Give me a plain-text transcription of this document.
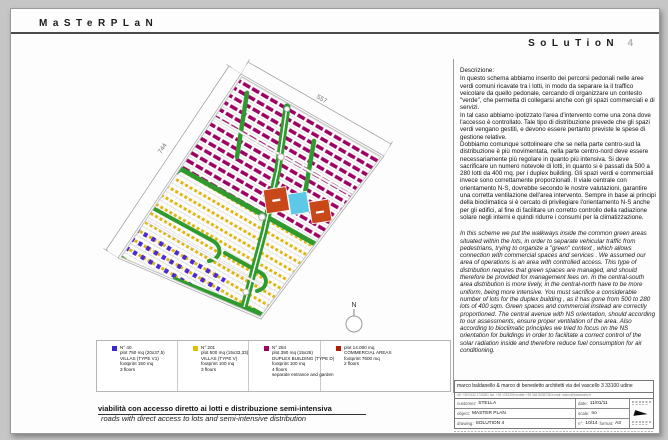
MaSTeRPLaN
SoLuTioN 4
557
744
N

Descrizione:

In questo schema abbiamo inserito dei percorsi pedonali nelle aree verdi comuni ricavate tra i lotti, in modo da separare la il traffico veicolare da quello pedonale, cercando di organizzare un contesto "verde", che permetta di collegarsi anche con gli spazi commerciali e di servizi.

In tal caso abbiamo ipotizzato l'area d'intervento come una zona dove l'accesso è controllato. Tale tipo di distribuzione prevede che gli spazi verdi vengano gestiti, e devono essere pertanto previste le spese di gestione relative.

Dobbiamo comunque sottolineare che se nella parte centro-sud la distribuzione è più movimentata, nella parte centro-nord deve essere necessariamente più regolare in quanto più intensiva. Si deve sacrificare un numero notevole di lotti, in quanto si è passati da 500 a 280 lotti da 400 mq. per i duplex building. Gli spazi verdi e commerciali invece sono correttamente proporzionati. Il viale centrale con orientamento N-S, dovrebbe secondo le nostre valutazioni, garantire una corretta ventilazione dell'area intervento. Sempre in base ai principi della bioclimatica si è cercato di privilegiare l'orientamento N-S anche per gli edifici, al fine di facilitare un corretto controllo della radiazione solare negli interni e quindi ridurre i consumi per la climatizzazione.

In this scheme we put the walkways inside the common green areas situated within the lots, in order to separate vehicular traffic from pedestrians, trying to organize a "green" context , which allows connection with commercial spaces and services . We assumed our area of operations is an area with controlled access. This type of distribution requires that green spaces are managed, and should therefore be provided for management fees on. In the central-south area distribution is more lively, in the central-north have to be more uniform, being more intensive. You must sacrifice a considerable number of lots for the duplex building , as it has gone from 500 to 280 lots of 400 sqm. Green spaces and commercial instead are correctly proportioned. The central avenue with NS orientation, should according to our assessments, ensure proper ventilation of the area. Also according to bioclimatic principles we tried to focus on the NS orientation for buildings in order to facilitate a correct control of the solar radiation inside and therefore reduce fuel consumption for air conditioning.

N° 40
plot 750 mq (20x37,5)
VILLAS (TYPE V1)
footprint 150 mq
3 floors
N° 201
plot 500 mq (15x33,33)
VILLAS (TYPE V)
footprint 100 mq
3 floors
N° 284
plot 390 mq (15x26)
DUPLEX BUILDING (TYPE D)
footprint 100 mq
4 floors
separate entrance and garden
plot 14.000 mq
COMMERCIAL AREAS
footprint 7600 mq
2 floors
viabilità con accesso diretto ai lotti e distribuzione semi-intensiva
roads with direct access to lots and semi-intensive distribution
marco baldanello & marco di benedetto architetti via del vascello 3 33100 udine
uff. +39 0432 1740281 fax. +39 1782205 mobile +39 348 8035738 e-mail: marco@baldanello.it
customer: STELLA	date: 11/01/11
object: MASTER PLAN	scale: no
drawing: SOLUTION 4	n°: 10/14 format: A3
